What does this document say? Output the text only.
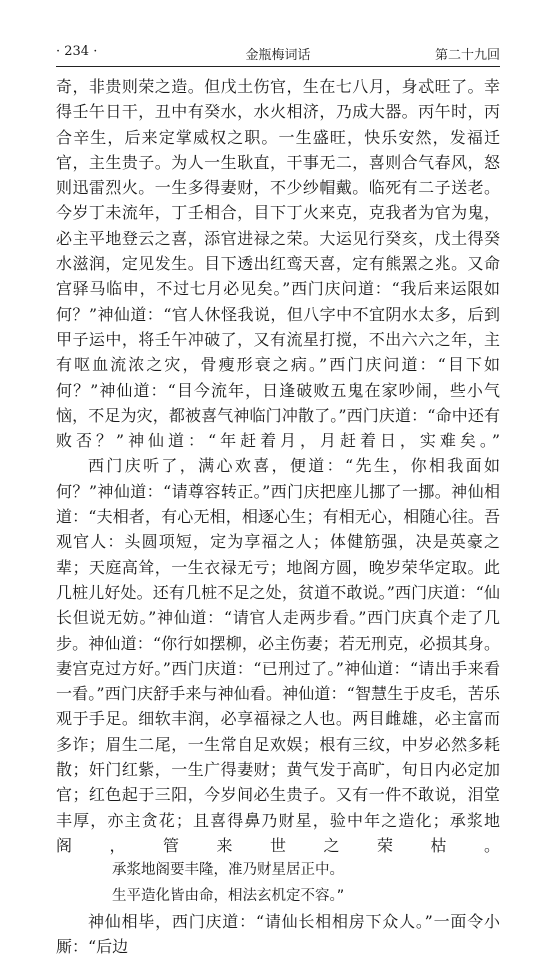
· 234 ·	金瓶梅词话	第二十九回

奇，非贵则荣之造。但戊土伤官，生在七八月，身忒旺了。幸得壬午日干，丑中有癸水，水火相济，乃成大器。丙午时，丙合辛生，后来定掌威权之职。一生盛旺，快乐安然，发福迁官，主生贵子。为人一生耿直，干事无二，喜则合气春风，怒则迅雷烈火。一生多得妻财，不少纱帽戴。临死有二子送老。今岁丁未流年，丁壬相合，目下丁火来克，克我者为官为鬼，必主平地登云之喜，添官进禄之荣。大运见行癸亥，戊土得癸水滋润，定见发生。目下透出红鸾天喜，定有熊罴之兆。又命宫驿马临申，不过七月必见矣。”西门庆问道：“我后来运限如何？”神仙道：“官人休怪我说，但八字中不宜阴水太多，后到甲子运中，将壬午冲破了，又有流星打搅，不出六六之年，主有呕血流浓之灾，骨瘦形衰之病。”西门庆问道：“目下如何？”神仙道：“目今流年，日逢破败五鬼在家吵闹，些小气恼，不足为灾，都被喜气神临门冲散了。”西门庆道：“命中还有败否？”神仙道：“年赶着月，月赶着日，实难矣。”

西门庆听了，满心欢喜，便道：“先生，你相我面如何？”神仙道：“请尊容转正。”西门庆把座儿挪了一挪。神仙相道：“夫相者，有心无相，相逐心生；有相无心，相随心往。吾观官人：头圆项短，定为享福之人；体健筋强，决是英豪之辈；天庭高耸，一生衣禄无亏；地阁方圆，晚岁荣华定取。此几桩儿好处。还有几桩不足之处，贫道不敢说。”西门庆道：“仙长但说无妨。”神仙道：“请官人走两步看。”西门庆真个走了几步。神仙道：“你行如摆柳，必主伤妻；若无刑克，必损其身。妻宫克过方好。”西门庆道：“已刑过了。”神仙道：“请出手来看一看。”西门庆舒手来与神仙看。神仙道：“智慧生于皮毛，苦乐观于手足。细软丰润，必享福禄之人也。两目雌雄，必主富而多诈；眉生二尾，一生常自足欢娱；根有三纹，中岁必然多耗散；奸门红紫，一生广得妻财；黄气发于高旷，旬日内必定加官；红色起于三阳，今岁间必生贵子。又有一件不敢说，泪堂丰厚，亦主贪花；且喜得鼻乃财星，验中年之造化；承浆地阁，管来世之荣枯。

承浆地阁要丰隆，准乃财星居正中。
生平造化皆由命，相法玄机定不容。”

神仙相毕，西门庆道：“请仙长相相房下众人。”一面令小厮：“后边
